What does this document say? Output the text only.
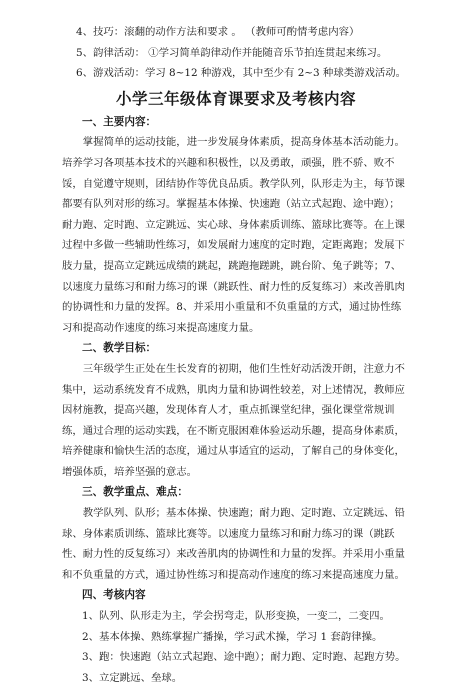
4、技巧：滚翻的动作方法和要求 。 （教师可酌情考虑内容）

5、韵律活动： ①学习简单韵律动作并能随音乐节拍连贯起来练习。

6、游戏活动：学习 8~12 种游戏，其中至少有 2~3 种球类游戏活动。

小学三年级体育课要求及考核内容

一、主要内容：

掌握简单的运动技能，进一步发展身体素质，提高身体基本活动能力。培养学习各项基本技术的兴趣和积极性，以及勇敢，顽强，胜不骄、败不馁，自觉遵守规则，团结协作等优良品质。教学队列，队形走为主，每节课都要有队列对形的练习。掌握基本体操、快速跑（站立式起跑、途中跑）；耐力跑、定时跑、立定跳远、实心球、身体素质训练、篮球比赛等。在上课过程中多做一些辅助性练习，如发展耐力速度的定时跑，定距离跑；发展下肢力量，提高立定跳远成绩的跳起，跳跑拖蹉跳，跳台阶、兔子跳等；7、以速度力量练习和耐力练习的课（跳跃性、耐力性的反复练习）来改善肌肉的协调性和力量的发挥。8、并采用小重量和不负重量的方式，通过协性练习和提高动作速度的练习来提高速度力量。

二、教学目标：

三年级学生正处在生长发育的初期，他们生性好动活泼开朗，注意力不集中，运动系统发育不成熟，肌肉力量和协调性较差，对上述情况，教师应因材施教，提高兴趣，发现体育人才，重点抓课堂纪律，强化课堂常规训练，通过合理的运动实践，在不断克服困难体验运动乐趣，提高身体素质，培养健康和愉快生活的态度，通过从事适宜的运动，了解自己的身体变化，增强体质，培养坚强的意志。

三、教学重点、难点：

教学队列、队形；基本体操、快速跑；耐力跑、定时跑、立定跳远、铅球、身体素质训练、篮球比赛等。以速度力量练习和耐力练习的课（跳跃性、耐力性的反复练习）来改善肌肉的协调性和力量的发挥。并采用小重量和不负重量的方式，通过协性练习和提高动作速度的练习来提高速度力量。

四、考核内容

1、队列、队形走为主，学会拐弯走，队形变换，一变二，二变四。

2、基本体操、熟练掌握广播操，学习武术操，学习 1 套韵律操。

3、跑：快速跑（站立式起跑、途中跑）；耐力跑、定时跑、起跑方势。

3、立定跳远、垒球。
